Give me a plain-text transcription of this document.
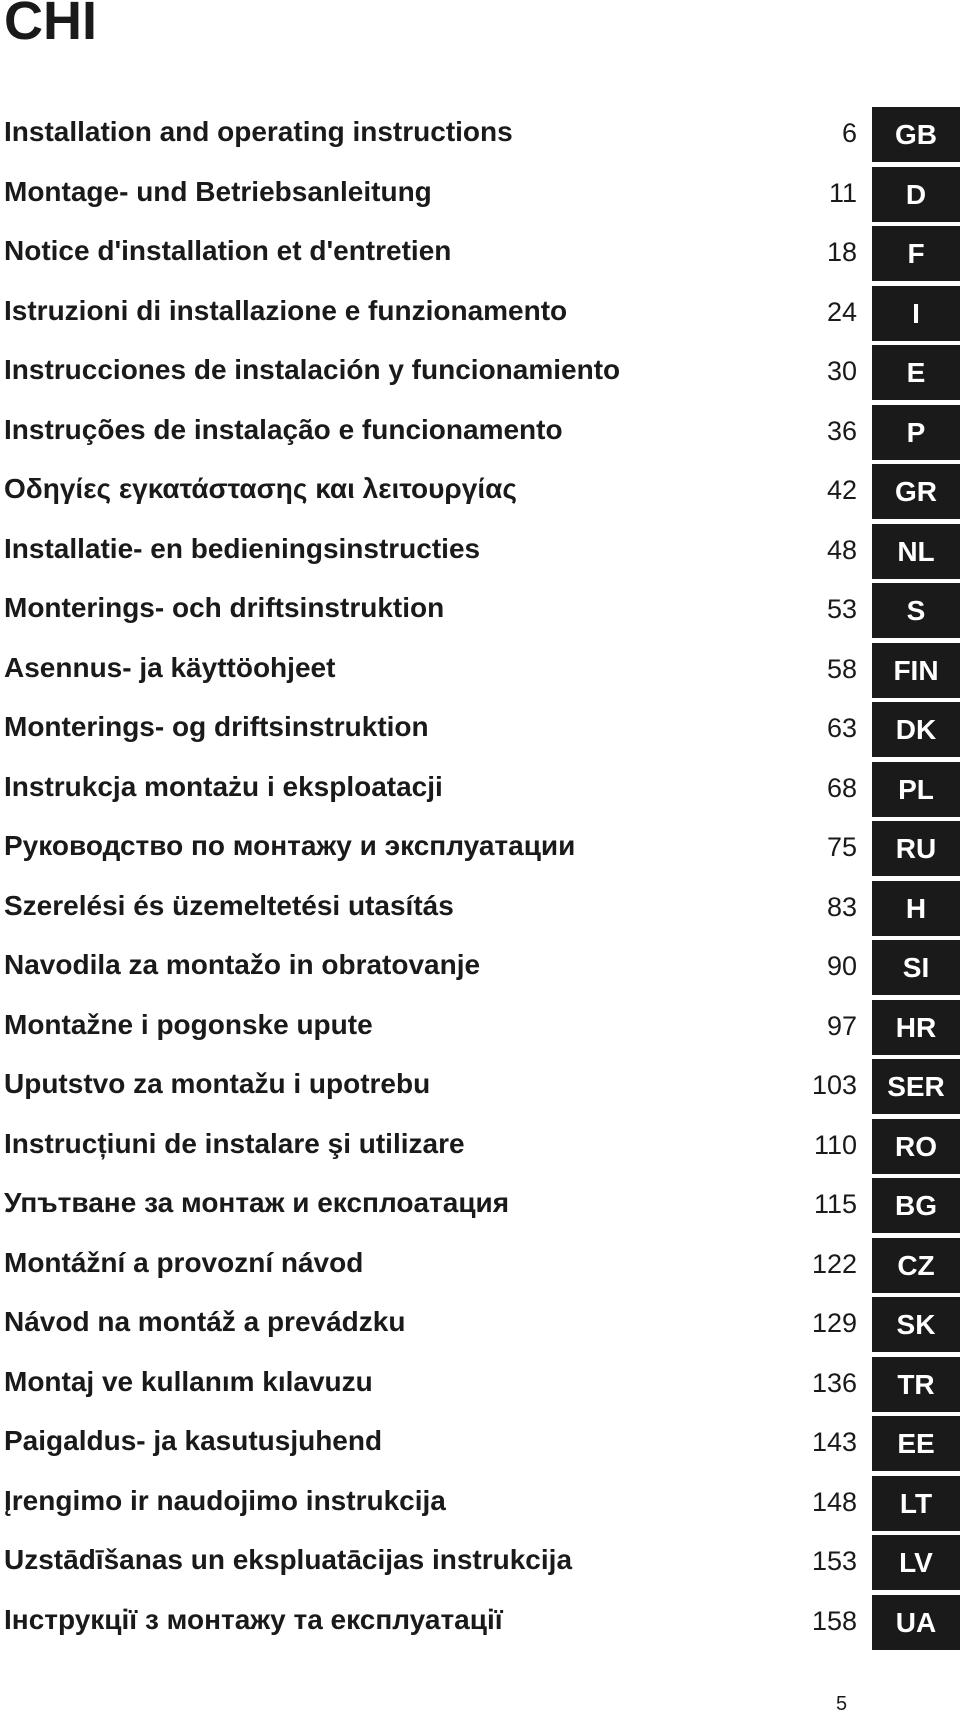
CHI
Installation and operating instructions	6	GB
Montage- und Betriebsanleitung	11	D
Notice d'installation et d'entretien	18	F
Istruzioni di installazione e funzionamento	24	I
Instrucciones de instalación y funcionamiento	30	E
Instruções de instalação e funcionamento	36	P
Οδηγίες εγκατάστασης και λειτουργίας	42	GR
Installatie- en bedieningsinstructies	48	NL
Monterings- och driftsinstruktion	53	S
Asennus- ja käyttöohjeet	58	FIN
Monterings- og driftsinstruktion	63	DK
Instrukcja montażu i eksploatacji	68	PL
Руководство по монтажу и эксплуатации	75	RU
Szerelési és üzemeltetési utasítás	83	H
Navodila za montažo in obratovanje	90	SI
Montažne i pogonske upute	97	HR
Uputstvo za montažu i upotrebu	103	SER
Instrucțiuni de instalare şi utilizare	110	RO
Упътване за монтаж и експлоатация	115	BG
Montážní a provozní návod	122	CZ
Návod na montáž a prevádzku	129	SK
Montaj ve kullanım kılavuzu	136	TR
Paigaldus- ja kasutusjuhend	143	EE
Įrengimo ir naudojimo instrukcija	148	LT
Uzstādīšanas un ekspluatācijas instrukcija	153	LV
Інструкції з монтажу та експлуатації	158	UA
5
